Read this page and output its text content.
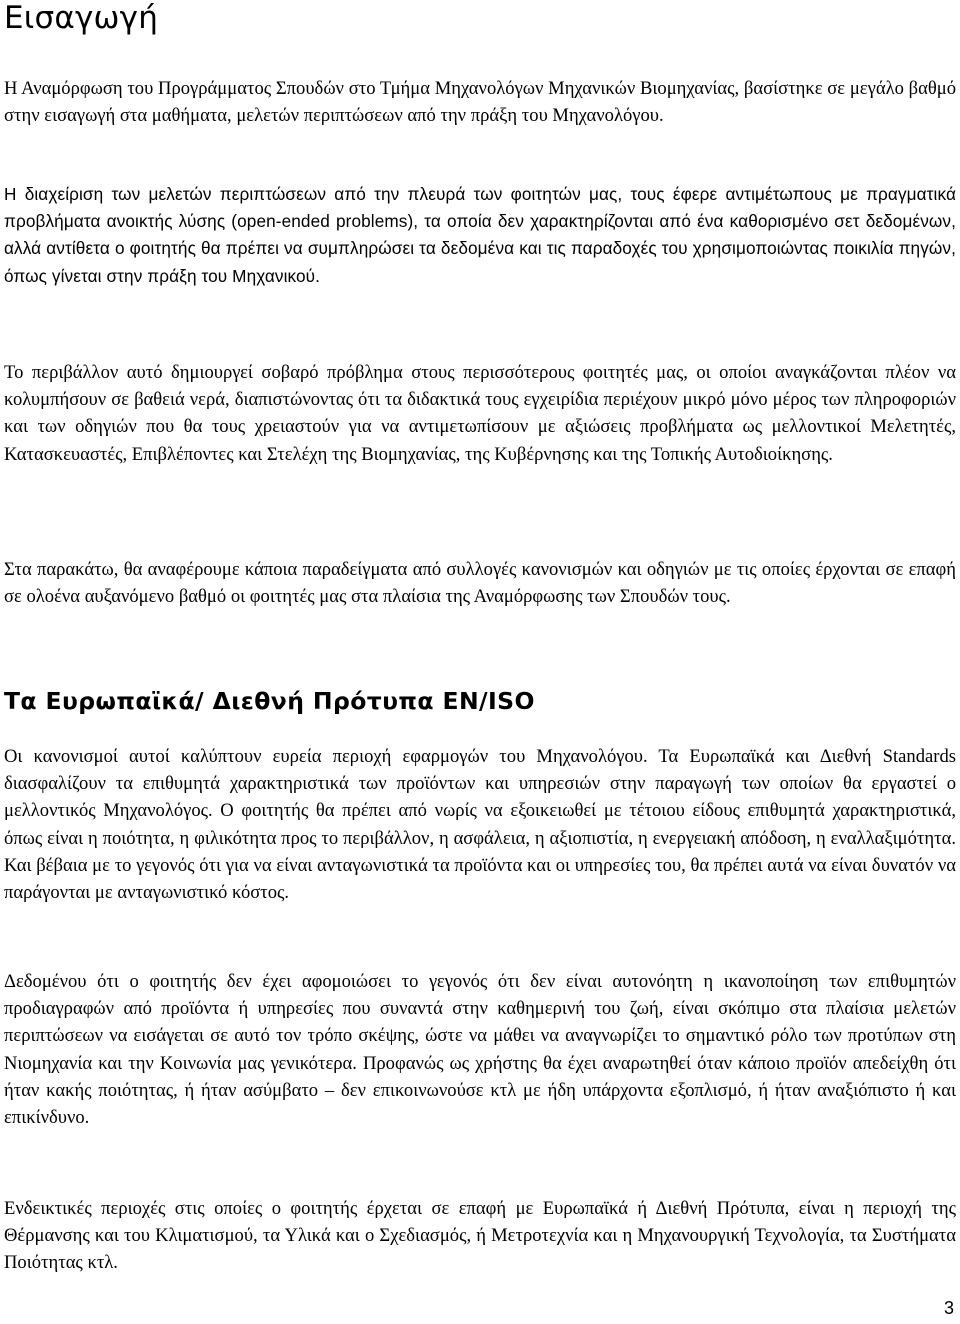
Εισαγωγή

Η Αναμόρφωση του Προγράμματος Σπουδών στο Τμήμα Μηχανολόγων Μηχανικών Βιομηχανίας, βασίστηκε σε μεγάλο βαθμό στην εισαγωγή στα μαθήματα, μελετών περιπτώσεων από την πράξη του Μηχανολόγου.

Η διαχείριση των μελετών περιπτώσεων από την πλευρά των φοιτητών μας, τους έφερε αντιμέτωπους με πραγματικά προβλήματα ανοικτής λύσης (open-ended problems), τα οποία δεν χαρακτηρίζονται από ένα καθορισμένο σετ δεδομένων, αλλά αντίθετα ο φοιτητής θα πρέπει να συμπληρώσει τα δεδομένα και τις παραδοχές του χρησιμοποιώντας ποικιλία πηγών, όπως γίνεται στην πράξη του Μηχανικού.

Το περιβάλλον αυτό δημιουργεί σοβαρό πρόβλημα στους περισσότερους φοιτητές μας, οι οποίοι αναγκάζονται πλέον να κολυμπήσουν σε βαθειά νερά, διαπιστώνοντας ότι τα διδακτικά τους εγχειρίδια περιέχουν μικρό μόνο μέρος των πληροφοριών και των οδηγιών που θα τους χρειαστούν για να αντιμετωπίσουν με αξιώσεις προβλήματα ως μελλοντικοί Μελετητές, Κατασκευαστές, Επιβλέποντες και Στελέχη της Βιομηχανίας, της Κυβέρνησης και της Τοπικής Αυτοδιοίκησης.

Στα παρακάτω, θα αναφέρουμε κάποια παραδείγματα από συλλογές κανονισμών και οδηγιών με τις οποίες έρχονται σε επαφή σε ολοένα αυξανόμενο βαθμό οι φοιτητές μας στα πλαίσια της Αναμόρφωσης των Σπουδών τους.

Τα Ευρωπαϊκά/ Διεθνή Πρότυπα EN/ISO

Οι κανονισμοί αυτοί καλύπτουν ευρεία περιοχή εφαρμογών του Μηχανολόγου. Τα Ευρωπαϊκά και Διεθνή Standards διασφαλίζουν τα επιθυμητά χαρακτηριστικά των προϊόντων και υπηρεσιών στην παραγωγή των οποίων θα εργαστεί ο μελλοντικός Μηχανολόγος. Ο φοιτητής θα πρέπει από νωρίς να εξοικειωθεί με τέτοιου είδους επιθυμητά χαρακτηριστικά, όπως είναι η ποιότητα, η φιλικότητα προς το περιβάλλον, η ασφάλεια, η αξιοπιστία, η ενεργειακή απόδοση, η εναλλαξιμότητα. Και βέβαια με το γεγονός ότι για να είναι ανταγωνιστικά τα προϊόντα και οι υπηρεσίες του, θα πρέπει αυτά να είναι δυνατόν να παράγονται με ανταγωνιστικό κόστος.

Δεδομένου ότι ο φοιτητής δεν έχει αφομοιώσει το γεγονός ότι δεν είναι αυτονόητη η ικανοποίηση των επιθυμητών προδιαγραφών από προϊόντα ή υπηρεσίες που συναντά στην καθημερινή του ζωή, είναι σκόπιμο στα πλαίσια μελετών περιπτώσεων να εισάγεται σε αυτό τον τρόπο σκέψης, ώστε να μάθει να αναγνωρίζει το σημαντικό ρόλο των προτύπων στη Νιομηχανία και την Κοινωνία μας γενικότερα. Προφανώς ως χρήστης θα έχει αναρωτηθεί όταν κάποιο προϊόν απεδείχθη ότι ήταν κακής ποιότητας, ή ήταν ασύμβατο – δεν επικοινωνούσε κτλ με ήδη υπάρχοντα εξοπλισμό, ή ήταν αναξιόπιστο ή και επικίνδυνο.

Ενδεικτικές περιοχές στις οποίες ο φοιτητής έρχεται σε επαφή με Ευρωπαϊκά ή Διεθνή Πρότυπα, είναι η περιοχή της Θέρμανσης και του Κλιματισμού, τα Υλικά και ο Σχεδιασμός, ή Μετροτεχνία και η Μηχανουργική Τεχνολογία, τα Συστήματα Ποιότητας κτλ.

3
